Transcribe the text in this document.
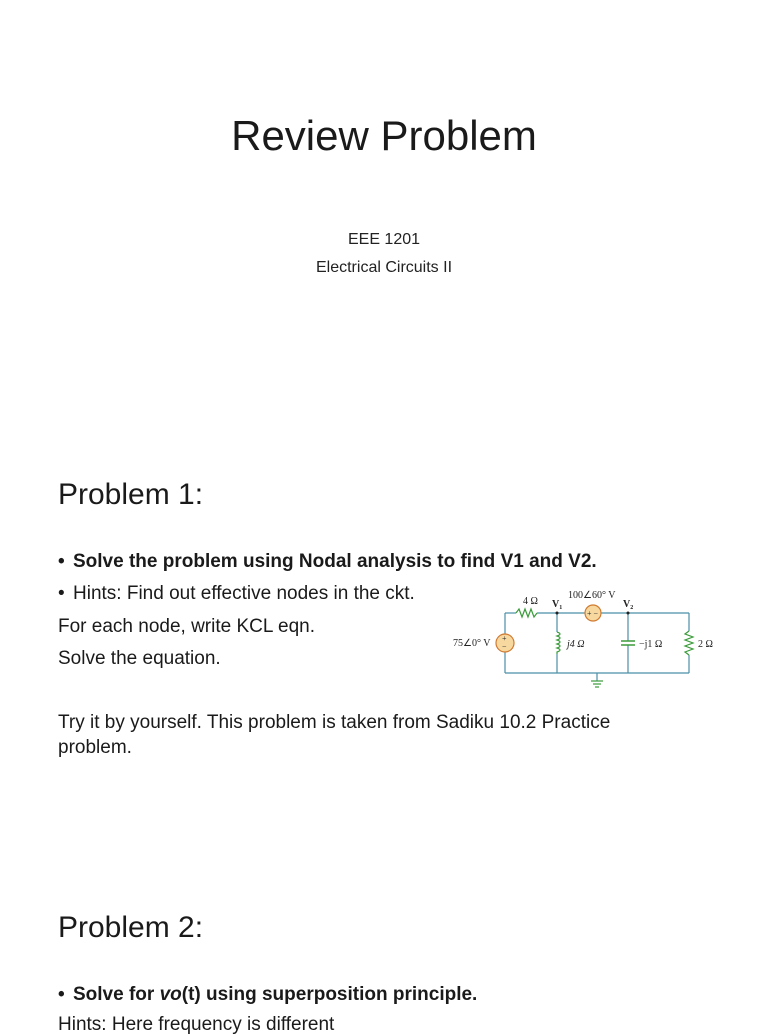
Review Problem
EEE 1201
Electrical Circuits II
Problem 1:
• Solve the problem using Nodal analysis to find V1 and V2.
• Hints: Find out effective nodes in the ckt.
For each node, write KCL eqn.
Solve the equation.
Try it by yourself. This problem is taken from Sadiku 10.2 Practice
problem.
+
−
+ −
4 Ω $V_1$	$V_2$
100∠60° V
75∠0° V	j4 Ω	−j1 Ω	2 Ω
Problem 2:
• Solve for vo(t) using superposition principle.
Hints: Here frequency is different
